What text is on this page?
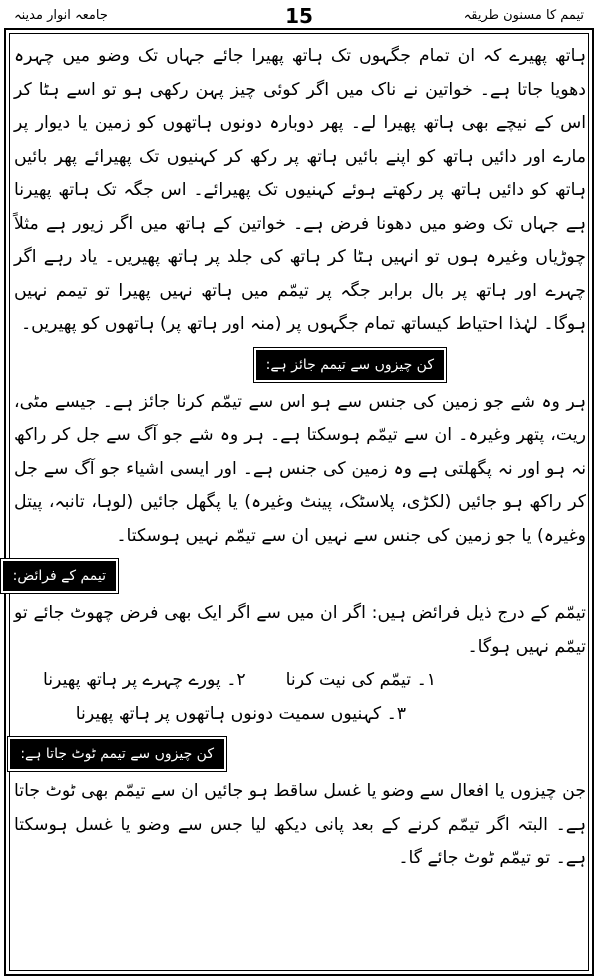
جامعہ انوار مدینہ	15	تیمم کا مسنون طریقہ

ہاتھ پھیرے کہ ان تمام جگہوں تک ہاتھ پھیرا جائے جہاں تک وضو میں چہرہ دھویا جاتا ہے۔ خواتین نے ناک میں اگر کوئی چیز پہن رکھی ہو تو اسے ہٹا کر اس کے نیچے بھی ہاتھ پھیرا لے۔ پھر دوبارہ دونوں ہاتھوں کو زمین یا دیوار پر مارے اور دائیں ہاتھ کو اپنے بائیں ہاتھ پر رکھ کر کہنیوں تک پھیرائے پھر بائیں ہاتھ کو دائیں ہاتھ پر رکھتے ہوئے کہنیوں تک پھیرائے۔ اس جگہ تک ہاتھ پھیرنا ہے جہاں تک وضو میں دھونا فرض ہے۔ خواتین کے ہاتھ میں اگر زیور ہے مثلاً چوڑیاں وغیرہ ہوں تو انہیں ہٹا کر ہاتھ کی جلد پر ہاتھ پھیریں۔ یاد رہے اگر چہرے اور ہاتھ پر بال برابر جگہ پر تیمّم میں ہاتھ نہیں پھیرا تو تیمم نہیں ہوگا۔ لہٰذا احتیاط کیساتھ تمام جگہوں پر (منہ اور ہاتھ پر) ہاتھوں کو پھیریں۔

کن چیزوں سے تیمم جائز ہے:

ہر وہ شے جو زمین کی جنس سے ہو اس سے تیمّم کرنا جائز ہے۔ جیسے مٹی، ریت، پتھر وغیرہ۔ ان سے تیمّم ہوسکتا ہے۔ ہر وہ شے جو آگ سے جل کر راکھ نہ ہو اور نہ پگھلتی ہے وہ زمین کی جنس ہے۔ اور ایسی اشیاء جو آگ سے جل کر راکھ ہو جائیں (لکڑی، پلاسٹک، پینٹ وغیرہ) یا پگھل جائیں (لوہا، تانبہ، پیتل وغیرہ) یا جو زمین کی جنس سے نہیں ان سے تیمّم نہیں ہوسکتا۔

تیمم کے فرائض:

تیمّم کے درج ذیل فرائض ہیں: اگر ان میں سے اگر ایک بھی فرض چھوٹ جائے تو تیمّم نہیں ہوگا۔

۱۔ تیمّم کی نیت کرنا
۲۔ پورے چہرے پر ہاتھ پھیرنا
۳۔ کہنیوں سمیت دونوں ہاتھوں پر ہاتھ پھیرنا
کن چیزوں سے تیمم ٹوٹ جاتا ہے:

جن چیزوں یا افعال سے وضو یا غسل ساقط ہو جائیں ان سے تیمّم بھی ٹوٹ جاتا ہے۔ البتہ اگر تیمّم کرنے کے بعد پانی دیکھ لیا جس سے وضو یا غسل ہوسکتا ہے۔ تو تیمّم ٹوٹ جائے گا۔
